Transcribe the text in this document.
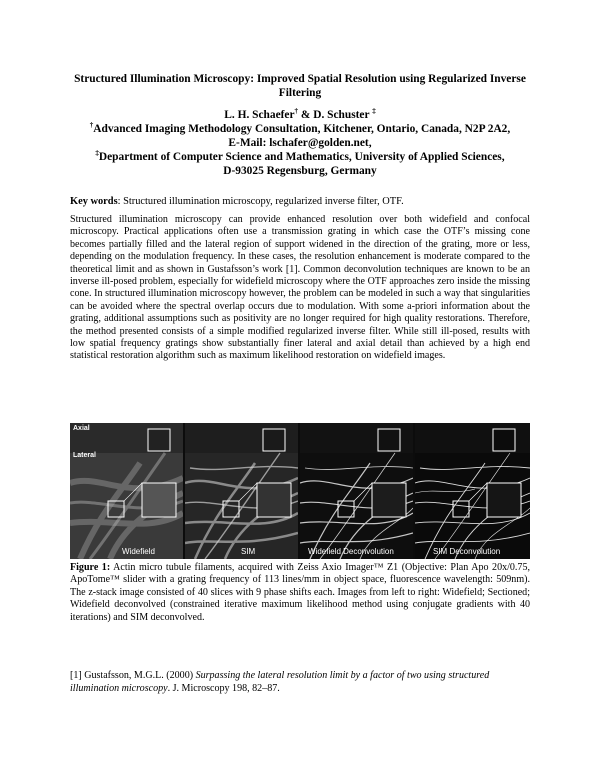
Structured Illumination Microscopy: Improved Spatial Resolution using Regularized Inverse Filtering
L. H. Schaefer† & D. Schuster ‡
†Advanced Imaging Methodology Consultation, Kitchener, Ontario, Canada, N2P 2A2,
E-Mail: lschafer@golden.net,
‡Department of Computer Science and Mathematics, University of Applied Sciences,
D-93025 Regensburg, Germany
Key words: Structured illumination microscopy, regularized inverse filter, OTF.
Structured illumination microscopy can provide enhanced resolution over both widefield and confocal microscopy. Practical applications often use a transmission grating in which case the OTF’s missing cone becomes partially filled and the lateral region of support widened in the direction of the grating, more or less, depending on the modulation frequency. In these cases, the resolution enhancement is moderate compared to the theoretical limit and as shown in Gustafsson’s work [1]. Common deconvolution techniques are known to be an inverse ill-posed problem, especially for widefield microscopy where the OTF approaches zero inside the missing cone. In structured illumination microscopy however, the problem can be modeled in such a way that singularities can be avoided where the spectral overlap occurs due to modulation. With some a-priori information about the grating, additional assumptions such as positivity are no longer required for high quality restorations. Therefore, the method presented consists of a simple modified regularized inverse filter. While still ill-posed, results with low spatial frequency gratings show substantially finer lateral and axial detail than achieved by a high end statistical restoration algorithm such as maximum likelihood restoration on widefield images.
Axial
Lateral
Widefield	SIM	Widefield Deconvolution	SIM Deconvolution
Figure 1: Actin micro tubule filaments, acquired with Zeiss Axio Imager™ Z1 (Objective: Plan Apo 20x/0.75, ApoTome™ slider with a grating frequency of 113 lines/mm in object space, fluorescence wavelength: 509nm). The z-stack image consisted of 40 slices with 9 phase shifts each. Images from left to right: Widefield; Sectioned; Widefield deconvolved (constrained iterative maximum likelihood method using conjugate gradients with 40 iterations) and SIM deconvolved.
[1] Gustafsson, M.G.L. (2000) Surpassing the lateral resolution limit by a factor of two using structured illumination microscopy. J. Microscopy 198, 82–87.
